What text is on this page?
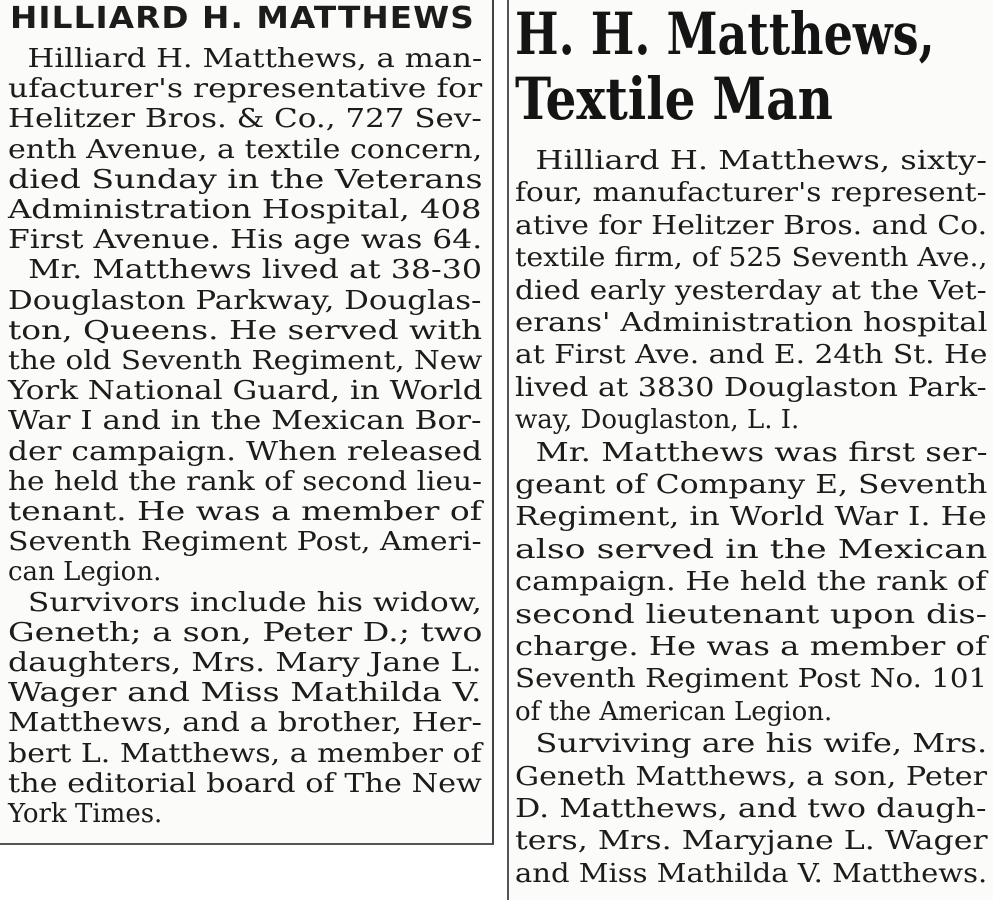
HILLIARD H. MATTHEWS
Hilliard H. Matthews, a man-
ufacturer's representative for
Helitzer Bros. & Co., 727 Sev-
enth Avenue, a textile concern,
died Sunday in the Veterans
Administration Hospital, 408
First Avenue. His age was 64.
Mr. Matthews lived at 38-30
Douglaston Parkway, Douglas-
ton, Queens. He served with
the old Seventh Regiment, New
York National Guard, in World
War I and in the Mexican Bor-
der campaign. When released
he held the rank of second lieu-
tenant. He was a member of
Seventh Regiment Post, Ameri-
can Legion.
Survivors include his widow,
Geneth; a son, Peter D.; two
daughters, Mrs. Mary Jane L.
Wager and Miss Mathilda V.
Matthews, and a brother, Her-
bert L. Matthews, a member of
the editorial board of The New
York Times.
H. H. Matthews,
Textile Man
Hilliard H. Matthews, sixty-
four, manufacturer's represent-
ative for Helitzer Bros. and Co.
textile firm, of 525 Seventh Ave.,
died early yesterday at the Vet-
erans' Administration hospital
at First Ave. and E. 24th St. He
lived at 3830 Douglaston Park-
way, Douglaston, L. I.
Mr. Matthews was first ser-
geant of Company E, Seventh
Regiment, in World War I. He
also served in the Mexican
campaign. He held the rank of
second lieutenant upon dis-
charge. He was a member of
Seventh Regiment Post No. 101
of the American Legion.
Surviving are his wife, Mrs.
Geneth Matthews, a son, Peter
D. Matthews, and two daugh-
ters, Mrs. Maryjane L. Wager
and Miss Mathilda V. Matthews.
